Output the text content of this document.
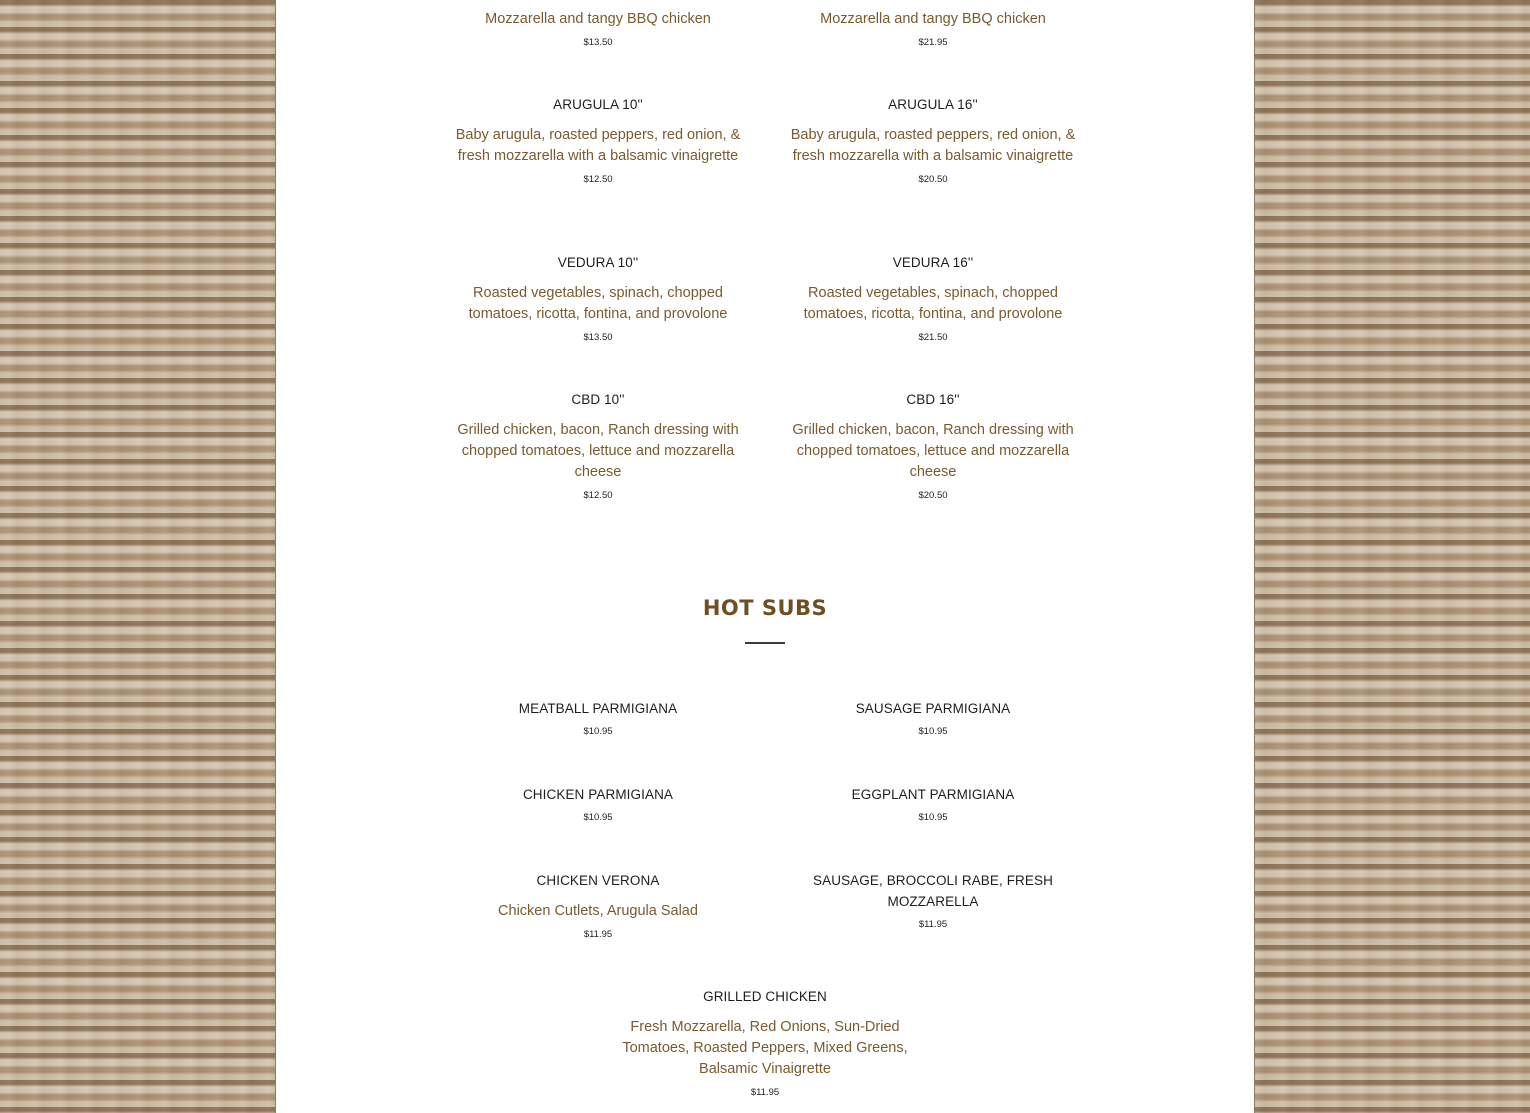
Mozzarella and tangy BBQ chicken
$13.50
Mozzarella and tangy BBQ chicken
$21.95
ARUGULA 10''
Baby arugula, roasted peppers, red onion, & fresh mozzarella with a balsamic vinaigrette
$12.50
ARUGULA 16''
Baby arugula, roasted peppers, red onion, & fresh mozzarella with a balsamic vinaigrette
$20.50
VEDURA 10''
Roasted vegetables, spinach, chopped tomatoes, ricotta, fontina, and provolone
$13.50
VEDURA 16''
Roasted vegetables, spinach, chopped tomatoes, ricotta, fontina, and provolone
$21.50
CBD 10''
Grilled chicken, bacon, Ranch dressing with chopped tomatoes, lettuce and mozzarella cheese
$12.50
CBD 16''
Grilled chicken, bacon, Ranch dressing with chopped tomatoes, lettuce and mozzarella cheese
$20.50
HOT SUBS
MEATBALL PARMIGIANA
$10.95
SAUSAGE PARMIGIANA
$10.95
CHICKEN PARMIGIANA
$10.95
EGGPLANT PARMIGIANA
$10.95
CHICKEN VERONA
Chicken Cutlets, Arugula Salad
$11.95
SAUSAGE, BROCCOLI RABE, FRESH MOZZARELLA
$11.95
GRILLED CHICKEN
Fresh Mozzarella, Red Onions, Sun-Dried Tomatoes, Roasted Peppers, Mixed Greens, Balsamic Vinaigrette
$11.95
